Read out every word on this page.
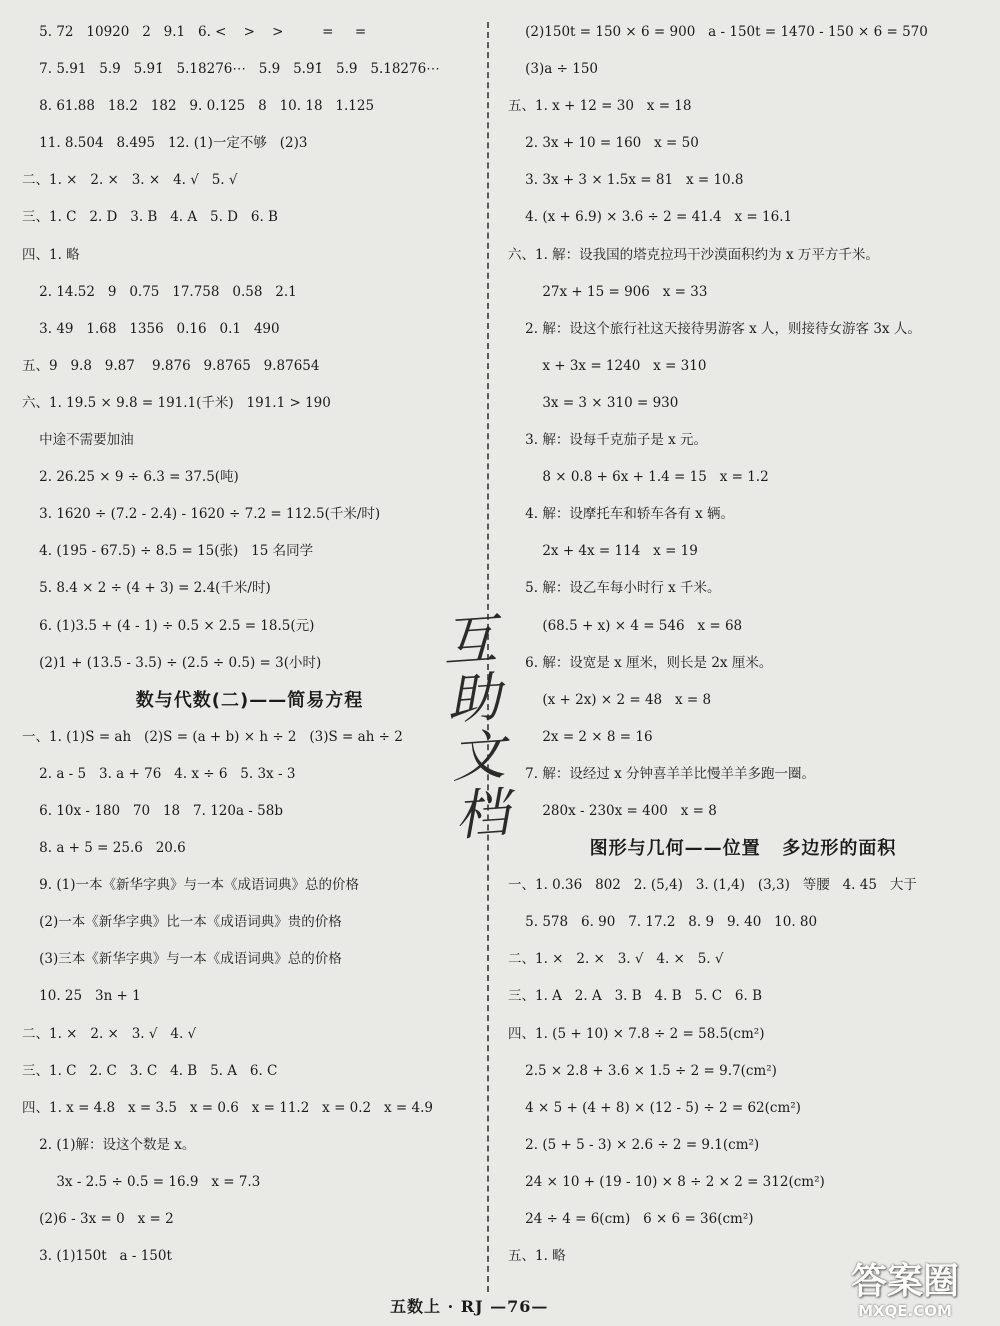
5. 72   10920   2   9.1   6. <    >    >         =     =
7. 5.91   5.9̇   5.9̇1̇   5.18276⋯   5.9   5.9̇1̇   5.9̇   5.18276⋯
8. 61.88   18.2   182   9. 0.125   8   10. 18   1.125
11. 8.504   8.495   12. (1)一定不够   (2)3
二、1. ×   2. ×   3. ×   4. √   5. √
三、1. C   2. D   3. B   4. A   5. D   6. B
四、1. 略
2. 14.52   9   0.75   17.758   0.58   2.1
3. 49   1.68   1356   0.16   0.1   490
五、9   9.8   9.87    9.876   9.8765   9.87654
六、1. 19.5 × 9.8 = 191.1(千米)   191.1 > 190
中途不需要加油
2. 26.25 × 9 ÷ 6.3 = 37.5(吨)
3. 1620 ÷ (7.2 - 2.4) - 1620 ÷ 7.2 = 112.5(千米/时)
4. (195 - 67.5) ÷ 8.5 = 15(张)   15 名同学
5. 8.4 × 2 ÷ (4 + 3) = 2.4(千米/时)
6. (1)3.5 + (4 - 1) ÷ 0.5 × 2.5 = 18.5(元)
(2)1 + (13.5 - 3.5) ÷ (2.5 ÷ 0.5) = 3(小时)
数与代数(二)——简易方程
一、1. (1)S = ah   (2)S = (a + b) × h ÷ 2   (3)S = ah ÷ 2
2. a - 5   3. a + 76   4. x ÷ 6   5. 3x - 3
6. 10x - 180   70   18   7. 120a - 58b
8. a + 5 = 25.6   20.6
9. (1)一本《新华字典》与一本《成语词典》总的价格
(2)一本《新华字典》比一本《成语词典》贵的价格
(3)三本《新华字典》与一本《成语词典》总的价格
10. 25   3n + 1
二、1. ×   2. ×   3. √   4. √
三、1. C   2. C   3. C   4. B   5. A   6. C
四、1. x = 4.8   x = 3.5   x = 0.6   x = 11.2   x = 0.2   x = 4.9
2. (1)解：设这个数是 x。
3x - 2.5 ÷ 0.5 = 16.9   x = 7.3
(2)6 - 3x = 0   x = 2
3. (1)150t   a - 150t
(2)150t = 150 × 6 = 900   a - 150t = 1470 - 150 × 6 = 570
(3)a ÷ 150
五、1. x + 12 = 30   x = 18
2. 3x + 10 = 160   x = 50
3. 3x + 3 × 1.5x = 81   x = 10.8
4. (x + 6.9) × 3.6 ÷ 2 = 41.4   x = 16.1
六、1. 解：设我国的塔克拉玛干沙漠面积约为 x 万平方千米。
27x + 15 = 906   x = 33
2. 解：设这个旅行社这天接待男游客 x 人，则接待女游客 3x 人。
x + 3x = 1240   x = 310
3x = 3 × 310 = 930
3. 解：设每千克茄子是 x 元。
8 × 0.8 + 6x + 1.4 = 15   x = 1.2
4. 解：设摩托车和轿车各有 x 辆。
2x + 4x = 114   x = 19
5. 解：设乙车每小时行 x 千米。
(68.5 + x) × 4 = 546   x = 68
6. 解：设宽是 x 厘米，则长是 2x 厘米。
(x + 2x) × 2 = 48   x = 8
2x = 2 × 8 = 16
7. 解：设经过 x 分钟喜羊羊比慢羊羊多跑一圈。
280x - 230x = 400   x = 8
图形与几何——位置   多边形的面积
一、1. 0.36   802   2. (5,4)   3. (1,4)   (3,3)   等腰   4. 45   大于
5. 578   6. 90   7. 17.2   8. 9   9. 40   10. 80
二、1. ×   2. ×   3. √   4. ×   5. √
三、1. A   2. A   3. B   4. B   5. C   6. B
四、1. (5 + 10) × 7.8 ÷ 2 = 58.5(cm²)
2.5 × 2.8 + 3.6 × 1.5 ÷ 2 = 9.7(cm²)
4 × 5 + (4 + 8) × (12 - 5) ÷ 2 = 62(cm²)
2. (5 + 5 - 3) × 2.6 ÷ 2 = 9.1(cm²)
24 × 10 + (19 - 10) × 8 ÷ 2 × 2 = 312(cm²)
24 ÷ 4 = 6(cm)   6 × 6 = 36(cm²)
五、1. 略
互
助
文
档
五数上 · RJ —76—
答案圈
MXQE.COM
